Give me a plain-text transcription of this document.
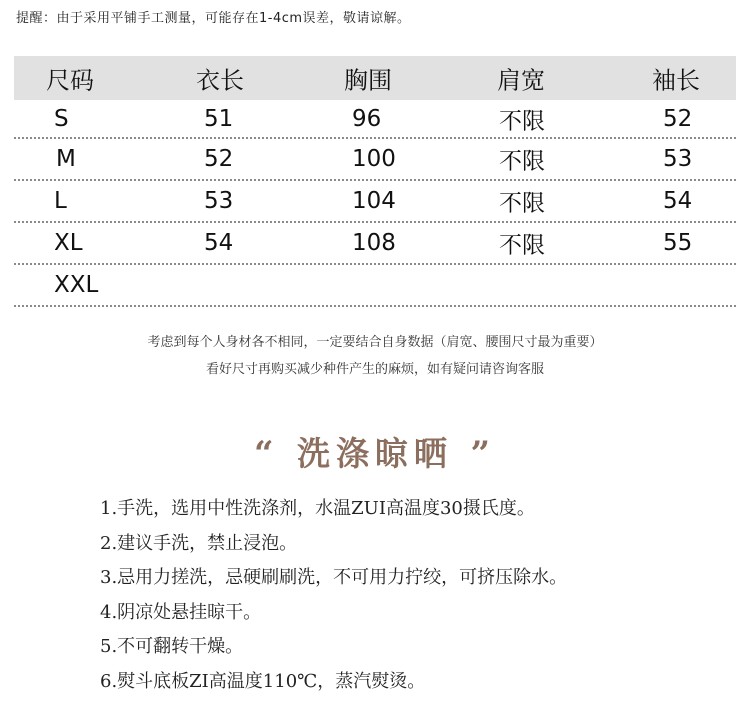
提醒：由于采用平铺手工测量，可能存在1-4cm误差，敬请谅解。
尺码	衣长	胸围	肩宽	袖长
S	51	96	不限	52
M	52	100	不限	53
L	53	104	不限	54
XL	54	108	不限	55
XXL
考虑到每个人身材各不相同，一定要结合自身数据（肩宽、腰围尺寸最为重要）
看好尺寸再购买减少种件产生的麻烦，如有疑问请咨询客服
“ 洗涤晾晒 ”
1.手洗，选用中性洗涤剂，水温ZUI高温度30摄氏度。
2.建议手洗，禁止浸泡。
3.忌用力搓洗，忌硬刷刷洗，不可用力拧绞，可挤压除水。
4.阴凉处悬挂晾干。
5.不可翻转干燥。
6.熨斗底板ZI高温度110℃，蒸汽熨烫。
